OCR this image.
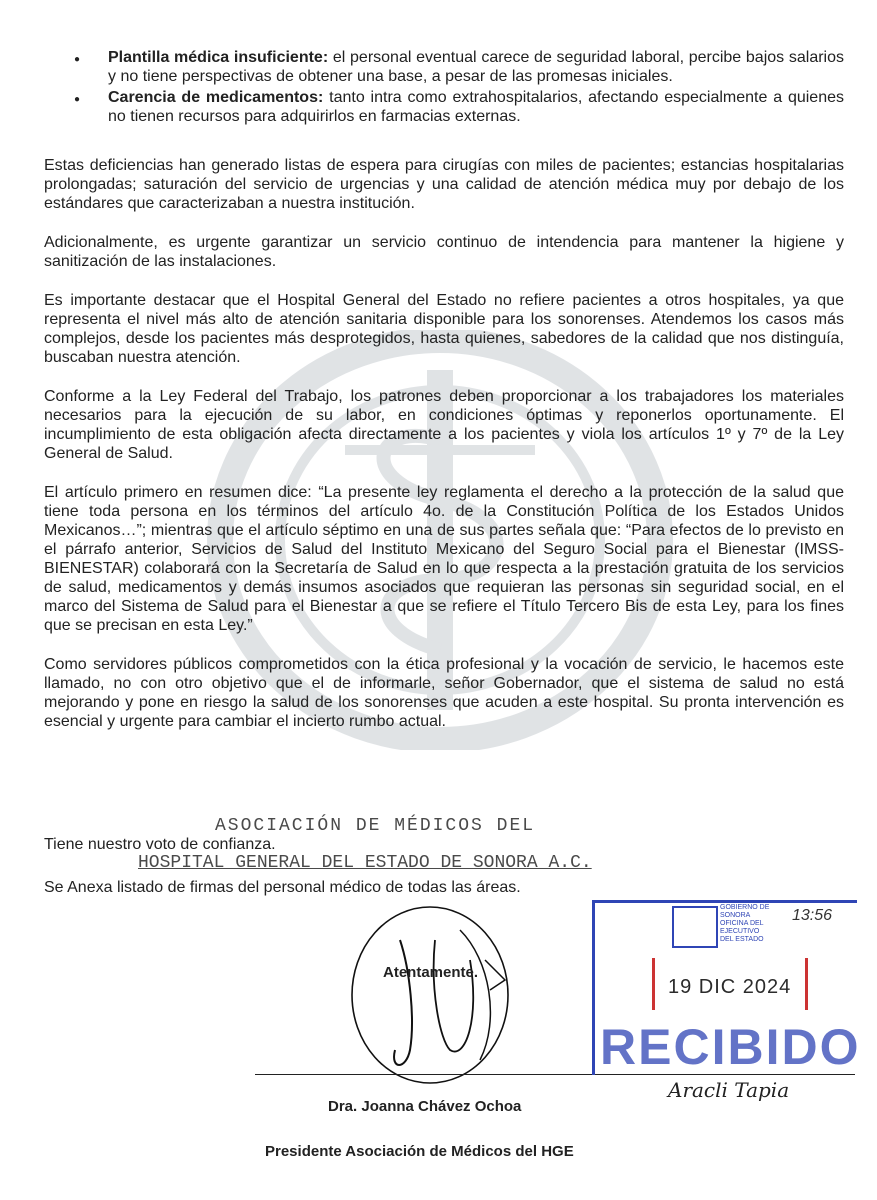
● Plantilla médica insuficiente: el personal eventual carece de seguridad laboral, percibe bajos salarios y no tiene perspectivas de obtener una base, a pesar de las promesas iniciales.
● Carencia de medicamentos: tanto intra como extrahospitalarios, afectando especialmente a quienes no tienen recursos para adquirirlos en farmacias externas.

Estas deficiencias han generado listas de espera para cirugías con miles de pacientes; estancias hospitalarias prolongadas; saturación del servicio de urgencias y una calidad de atención médica muy por debajo de los estándares que caracterizaban a nuestra institución.

Adicionalmente, es urgente garantizar un servicio continuo de intendencia para mantener la higiene y sanitización de las instalaciones.

Es importante destacar que el Hospital General del Estado no refiere pacientes a otros hospitales, ya que representa el nivel más alto de atención sanitaria disponible para los sonorenses. Atendemos los casos más complejos, desde los pacientes más desprotegidos, hasta quienes, sabedores de la calidad que nos distinguía, buscaban nuestra atención.

Conforme a la Ley Federal del Trabajo, los patrones deben proporcionar a los trabajadores los materiales necesarios para la ejecución de su labor, en condiciones óptimas y reponerlos oportunamente. El incumplimiento de esta obligación afecta directamente a los pacientes y viola los artículos 1º y 7º de la Ley General de Salud.

El artículo primero en resumen dice: “La presente ley reglamenta el derecho a la protección de la salud que tiene toda persona en los términos del artículo 4o. de la Constitución Política de los Estados Unidos Mexicanos…”; mientras que el artículo séptimo en una de sus partes señala que: “Para efectos de lo previsto en el párrafo anterior, Servicios de Salud del Instituto Mexicano del Seguro Social para el Bienestar (IMSS-BIENESTAR) colaborará con la Secretaría de Salud en lo que respecta a la prestación gratuita de los servicios de salud, medicamentos y demás insumos asociados que requieran las personas sin seguridad social, en el marco del Sistema de Salud para el Bienestar a que se refiere el Título Tercero Bis de esta Ley, para los fines que se precisan en esta Ley.”

Como servidores públicos comprometidos con la ética profesional y la vocación de servicio, le hacemos este llamado, no con otro objetivo que el de informarle, señor Gobernador, que el sistema de salud no está mejorando y pone en riesgo la salud de los sonorenses que acuden a este hospital. Su pronta intervención es esencial y urgente para cambiar el incierto rumbo actual.

Tiene nuestro voto de confianza.

ASOCIACIÓN DE MÉDICOS DEL
HOSPITAL GENERAL DEL ESTADO DE SONORA A.C.

Se Anexa listado de firmas del personal médico de todas las áreas.

Atentamente.
Dra. Joanna Chávez Ochoa
Presidente Asociación de Médicos del HGE
GOBIERNO DE SONORA
OFICINA DEL
EJECUTIVO
DEL ESTADO
13:56
19 DIC 2024
RECIBIDO
Aracli Tapia
